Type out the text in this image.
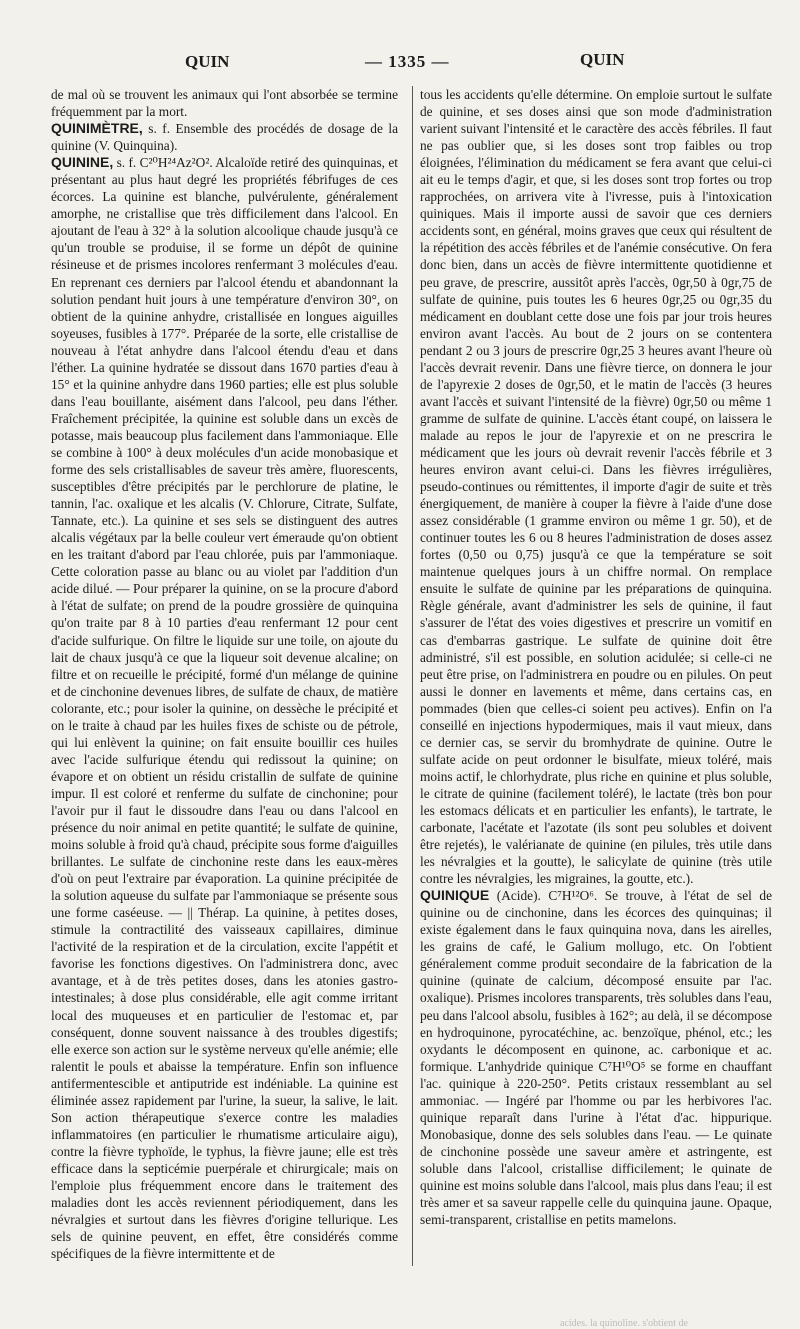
QUIN	— 1335 —	QUIN

de mal où se trouvent les animaux qui l'ont absorbée se termine fréquemment par la mort.

QUINIMÈTRE, s. f. Ensemble des procédés de dosage de la quinine (V. Quinquina).

QUININE, s. f. C²⁰H²⁴Az²O². Alcaloïde retiré des quinquinas, et présentant au plus haut degré les propriétés fébrifuges de ces écorces. La quinine est blanche, pulvérulente, généralement amorphe, ne cristallise que très difficilement dans l'alcool. En ajoutant de l'eau à 32° à la solution alcoolique chaude jusqu'à ce qu'un trouble se produise, il se forme un dépôt de quinine résineuse et de prismes incolores renfermant 3 molécules d'eau. En reprenant ces derniers par l'alcool étendu et abandonnant la solution pendant huit jours à une température d'environ 30°, on obtient de la quinine anhydre, cristallisée en longues aiguilles soyeuses, fusibles à 177°. Préparée de la sorte, elle cristallise de nouveau à l'état anhydre dans l'alcool étendu d'eau et dans l'éther. La quinine hydratée se dissout dans 1670 parties d'eau à 15° et la quinine anhydre dans 1960 parties; elle est plus soluble dans l'eau bouillante, aisément dans l'alcool, peu dans l'éther. Fraîchement précipitée, la quinine est soluble dans un excès de potasse, mais beaucoup plus facilement dans l'ammoniaque. Elle se combine à 100° à deux molécules d'un acide monobasique et forme des sels cristallisables de saveur très amère, fluorescents, susceptibles d'être précipités par le perchlorure de platine, le tannin, l'ac. oxalique et les alcalis (V. Chlorure, Citrate, Sulfate, Tannate, etc.). La quinine et ses sels se distinguent des autres alcalis végétaux par la belle couleur vert émeraude qu'on obtient en les traitant d'abord par l'eau chlorée, puis par l'ammoniaque. Cette coloration passe au blanc ou au violet par l'addition d'un acide dilué. — Pour préparer la quinine, on se la procure d'abord à l'état de sulfate; on prend de la poudre grossière de quinquina qu'on traite par 8 à 10 parties d'eau renfermant 12 pour cent d'acide sulfurique. On filtre le liquide sur une toile, on ajoute du lait de chaux jusqu'à ce que la liqueur soit devenue alcaline; on filtre et on recueille le précipité, formé d'un mélange de quinine et de cinchonine devenues libres, de sulfate de chaux, de matière colorante, etc.; pour isoler la quinine, on dessèche le précipité et on le traite à chaud par les huiles fixes de schiste ou de pétrole, qui lui enlèvent la quinine; on fait ensuite bouillir ces huiles avec l'acide sulfurique étendu qui redissout la quinine; on évapore et on obtient un résidu cristallin de sulfate de quinine impur. Il est coloré et renferme du sulfate de cinchonine; pour l'avoir pur il faut le dissoudre dans l'eau ou dans l'alcool en présence du noir animal en petite quantité; le sulfate de quinine, moins soluble à froid qu'à chaud, précipite sous forme d'aiguilles brillantes. Le sulfate de cinchonine reste dans les eaux-mères d'où on peut l'extraire par évaporation. La quinine précipitée de la solution aqueuse du sulfate par l'ammoniaque se présente sous une forme caséeuse. — || Thérap. La quinine, à petites doses, stimule la contractilité des vaisseaux capillaires, diminue l'activité de la respiration et de la circulation, excite l'appétit et favorise les fonctions digestives. On l'administrera donc, avec avantage, et à de très petites doses, dans les atonies gastro-intestinales; à dose plus considérable, elle agit comme irritant local des muqueuses et en particulier de l'estomac et, par conséquent, donne souvent naissance à des troubles digestifs; elle exerce son action sur le système nerveux qu'elle anémie; elle ralentit le pouls et abaisse la température. Enfin son influence antifermentescible et antiputride est indéniable. La quinine est éliminée assez rapidement par l'urine, la sueur, la salive, le lait. Son action thérapeutique s'exerce contre les maladies inflammatoires (en particulier le rhumatisme articulaire aigu), contre la fièvre typhoïde, le typhus, la fièvre jaune; elle est très efficace dans la septicémie puerpérale et chirurgicale; mais on l'emploie plus fréquemment encore dans le traitement des maladies dont les accès reviennent périodiquement, dans les névralgies et surtout dans les fièvres d'origine tellurique. Les sels de quinine peuvent, en effet, être considérés comme spécifiques de la fièvre intermittente et de

tous les accidents qu'elle détermine. On emploie surtout le sulfate de quinine, et ses doses ainsi que son mode d'administration varient suivant l'intensité et le caractère des accès fébriles. Il faut ne pas oublier que, si les doses sont trop faibles ou trop éloignées, l'élimination du médicament se fera avant que celui-ci ait eu le temps d'agir, et que, si les doses sont trop fortes ou trop rapprochées, on arrivera vite à l'ivresse, puis à l'intoxication quiniques. Mais il importe aussi de savoir que ces derniers accidents sont, en général, moins graves que ceux qui résultent de la répétition des accès fébriles et de l'anémie consécutive. On fera donc bien, dans un accès de fièvre intermittente quotidienne et peu grave, de prescrire, aussitôt après l'accès, 0gr,50 à 0gr,75 de sulfate de quinine, puis toutes les 6 heures 0gr,25 ou 0gr,35 du médicament en doublant cette dose une fois par jour trois heures environ avant l'accès. Au bout de 2 jours on se contentera pendant 2 ou 3 jours de prescrire 0gr,25 3 heures avant l'heure où l'accès devrait revenir. Dans une fièvre tierce, on donnera le jour de l'apyrexie 2 doses de 0gr,50, et le matin de l'accès (3 heures avant l'accès et suivant l'intensité de la fièvre) 0gr,50 ou même 1 gramme de sulfate de quinine. L'accès étant coupé, on laissera le malade au repos le jour de l'apyrexie et on ne prescrira le médicament que les jours où devrait revenir l'accès fébrile et 3 heures environ avant celui-ci. Dans les fièvres irrégulières, pseudo-continues ou rémittentes, il importe d'agir de suite et très énergiquement, de manière à couper la fièvre à l'aide d'une dose assez considérable (1 gramme environ ou même 1 gr. 50), et de continuer toutes les 6 ou 8 heures l'administration de doses assez fortes (0,50 ou 0,75) jusqu'à ce que la température se soit maintenue quelques jours à un chiffre normal. On remplace ensuite le sulfate de quinine par les préparations de quinquina. Règle générale, avant d'administrer les sels de quinine, il faut s'assurer de l'état des voies digestives et prescrire un vomitif en cas d'embarras gastrique. Le sulfate de quinine doit être administré, s'il est possible, en solution acidulée; si celle-ci ne peut être prise, on l'administrera en poudre ou en pilules. On peut aussi le donner en lavements et même, dans certains cas, en pommades (bien que celles-ci soient peu actives). Enfin on l'a conseillé en injections hypodermiques, mais il vaut mieux, dans ce dernier cas, se servir du bromhydrate de quinine. Outre le sulfate acide on peut ordonner le bisulfate, mieux toléré, mais moins actif, le chlorhydrate, plus riche en quinine et plus soluble, le citrate de quinine (facilement toléré), le lactate (très bon pour les estomacs délicats et en particulier les enfants), le tartrate, le carbonate, l'acétate et l'azotate (ils sont peu solubles et doivent être rejetés), le valérianate de quinine (en pilules, très utile dans les névralgies et la goutte), le salicylate de quinine (très utile contre les névralgies, les migraines, la goutte, etc.).

QUINIQUE (Acide). C⁷H¹²O⁶. Se trouve, à l'état de sel de quinine ou de cinchonine, dans les écorces des quinquinas; il existe également dans le faux quinquina nova, dans les airelles, les grains de café, le Galium mollugo, etc. On l'obtient généralement comme produit secondaire de la fabrication de la quinine (quinate de calcium, décomposé ensuite par l'ac. oxalique). Prismes incolores transparents, très solubles dans l'eau, peu dans l'alcool absolu, fusibles à 162°; au delà, il se décompose en hydroquinone, pyrocatéchine, ac. benzoïque, phénol, etc.; les oxydants le décomposent en quinone, ac. carbonique et ac. formique. L'anhydride quinique C⁷H¹⁰O⁵ se forme en chauffant l'ac. quinique à 220-250°. Petits cristaux ressemblant au sel ammoniac. — Ingéré par l'homme ou par les herbivores l'ac. quinique reparaît dans l'urine à l'état d'ac. hippurique. Monobasique, donne des sels solubles dans l'eau. — Le quinate de cinchonine possède une saveur amère et astringente, est soluble dans l'alcool, cristallise difficilement; le quinate de quinine est moins soluble dans l'alcool, mais plus dans l'eau; il est très amer et sa saveur rappelle celle du quinquina jaune. Opaque, semi-transparent, cristallise en petits mamelons.

acides. la quinoline. s'obtient de
